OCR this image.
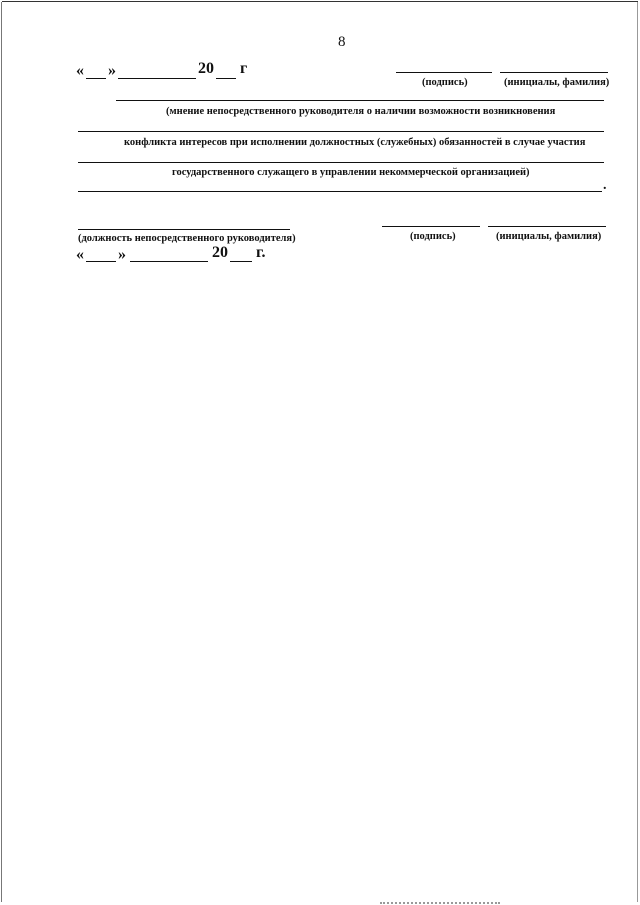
8
« »	20 г
(подпись)	(инициалы, фамилия)
(мнение непосредственного руководителя о наличии возможности возникновения
конфликта интересов при исполнении должностных (служебных) обязанностей в случае участия
государственного служащего в управлении некоммерческой организацией)
.
(должность непосредственного руководителя)	(подпись)	(инициалы, фамилия)
« »	20 г.
